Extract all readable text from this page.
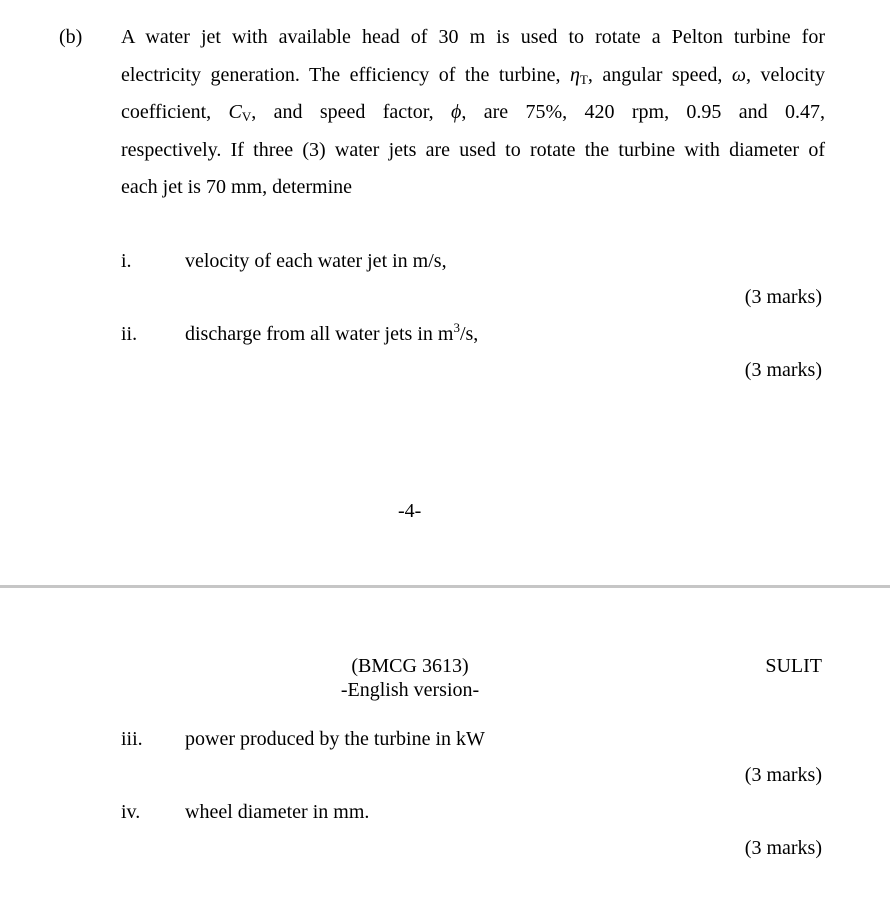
(b) A water jet with available head of 30 m is used to rotate a Pelton turbine for
electricity generation. The efficiency of the turbine, $\eta_T$, angular speed, ω, velocity
coefficient, $C_V$, and speed factor, ϕ, are 75%, 420 rpm, 0.95 and 0.47,
respectively. If three (3) water jets are used to rotate the turbine with diameter of
each jet is 70 mm, determine
i.	velocity of each water jet in m/s,
(3 marks)
ii. discharge from all water jets in $m^3/s$,
(3 marks)
-4-
(BMCG 3613)
-English version-
SULIT
iii. power produced by the turbine in kW
(3 marks)
iv. wheel diameter in mm.
(3 marks)
